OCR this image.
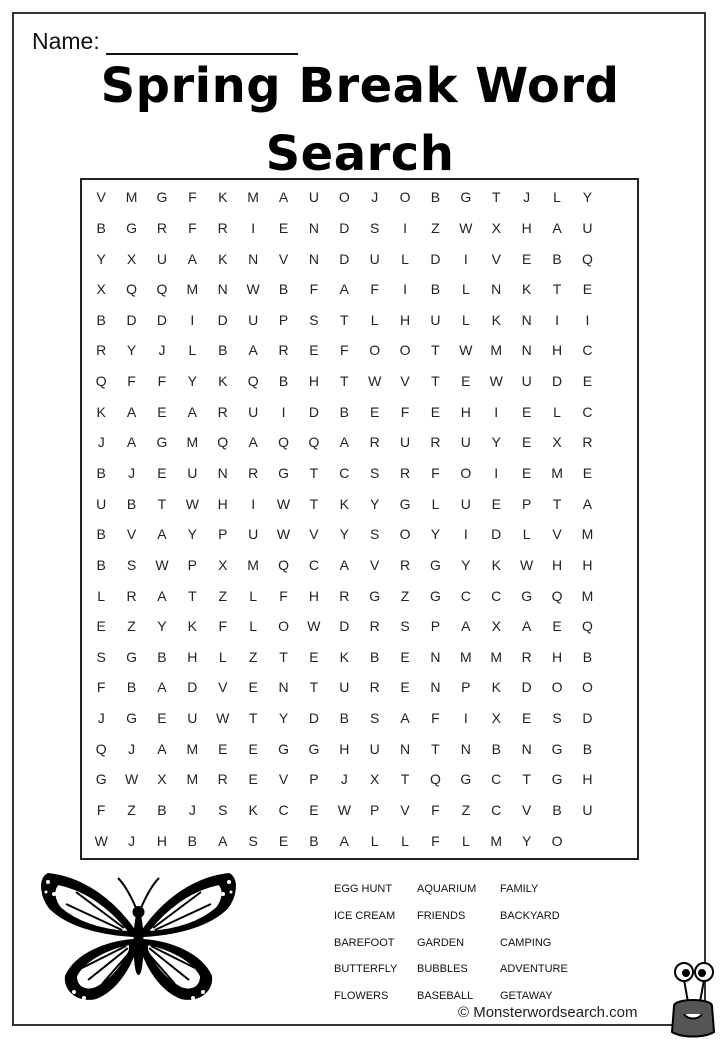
Name:
Spring Break Word
Search
V	M	G	F	K	M	A	U	O	J	O	B	G	T	J	L	Y
B	G	R	F	R	I	E	N	D	S	I	Z	W	X	H	A	U
Y	X	U	A	K	N	V	N	D	U	L	D	I	V	E	B	Q
X	Q	Q	M	N	W	B	F	A	F	I	B	L	N	K	T	E
B	D	D	I	D	U	P	S	T	L	H	U	L	K	N	I	I
R	Y	J	L	B	A	R	E	F	O	O	T	W	M	N	H	C
Q	F	F	Y	K	Q	B	H	T	W	V	T	E	W	U	D	E
K	A	E	A	R	U	I	D	B	E	F	E	H	I	E	L	C
J	A	G	M	Q	A	Q	Q	A	R	U	R	U	Y	E	X	R
B	J	E	U	N	R	G	T	C	S	R	F	O	I	E	M	E
U	B	T	W	H	I	W	T	K	Y	G	L	U	E	P	T	A
B	V	A	Y	P	U	W	V	Y	S	O	Y	I	D	L	V	M
B	S	W	P	X	M	Q	C	A	V	R	G	Y	K	W	H	H
L	R	A	T	Z	L	F	H	R	G	Z	G	C	C	G	Q	M
E	Z	Y	K	F	L	O	W	D	R	S	P	A	X	A	E	Q
S	G	B	H	L	Z	T	E	K	B	E	N	M	M	R	H	B
F	B	A	D	V	E	N	T	U	R	E	N	P	K	D	O	O
J	G	E	U	W	T	Y	D	B	S	A	F	I	X	E	S	D
Q	J	A	M	E	E	G	G	H	U	N	T	N	B	N	G	B
G	W	X	M	R	E	V	P	J	X	T	Q	G	C	T	G	H
F	Z	B	J	S	K	C	E	W	P	V	F	Z	C	V	B	U
W	J	H	B	A	S	E	B	A	L	L	F	L	M	Y	O
EGG HUNT	AQUARIUM	FAMILY
ICE CREAM	FRIENDS	BACKYARD
BAREFOOT	GARDEN	CAMPING
BUTTERFLY	BUBBLES	ADVENTURE
FLOWERS	BASEBALL	GETAWAY
© Monsterwordsearch.com
